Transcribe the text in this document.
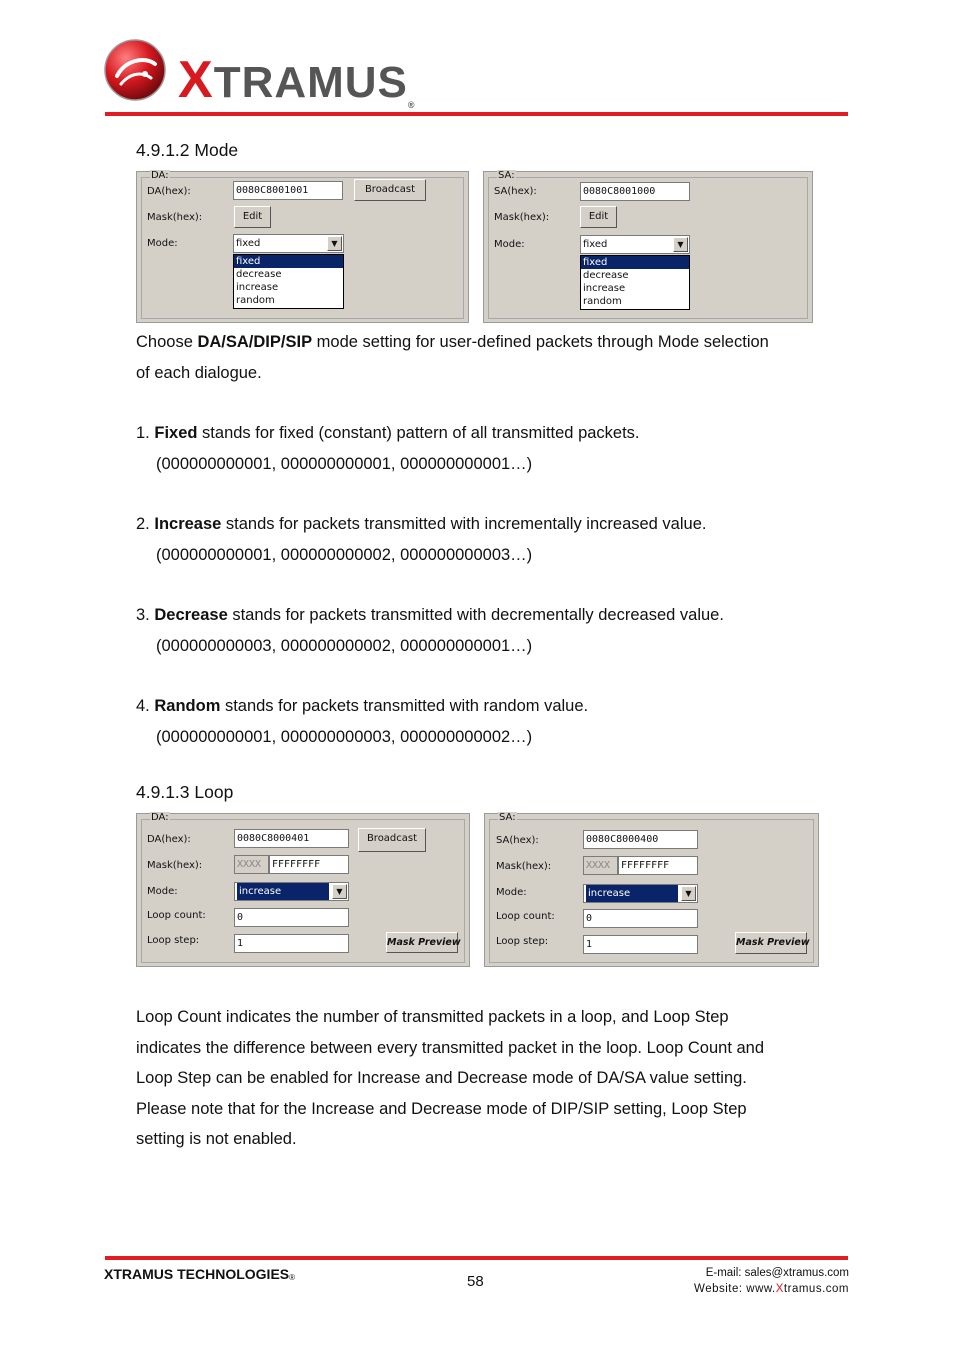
XTRAMUS®
4.9.1.2 Mode
DA:
DA(hex):	0080C8001001	Broadcast
Mask(hex):	Edit
Mode:	fixed	▼
fixed
decrease
increase
random
SA:
SA(hex):	0080C8001000
Mask(hex):	Edit
Mode:	fixed	▼
fixed
decrease
increase
random
Choose DA/SA/DIP/SIP mode setting for user-defined packets through Mode selection
of each dialogue.
1. Fixed stands for fixed (constant) pattern of all transmitted packets.
(000000000001, 000000000001, 000000000001…)
2. Increase stands for packets transmitted with incrementally increased value.
(000000000001, 000000000002, 000000000003…)
3. Decrease stands for packets transmitted with decrementally decreased value.
(000000000003, 000000000002, 000000000001…)
4. Random stands for packets transmitted with random value.
(000000000001, 000000000003, 000000000002…)
4.9.1.3 Loop
DA:
DA(hex):	0080C8000401	Broadcast
Mask(hex):	XXXX	FFFFFFFF
Mode:	increase	▼
Loop count:	0
Loop step:	1	Mask Preview
SA:
SA(hex):	0080C8000400
Mask(hex):	XXXX	FFFFFFFF
Mode:	increase	▼
Loop count:	0
Loop step:	1	Mask Preview
Loop Count indicates the number of transmitted packets in a loop, and Loop Step
indicates the difference between every transmitted packet in the loop. Loop Count and
Loop Step can be enabled for Increase and Decrease mode of DA/SA value setting.
Please note that for the Increase and Decrease mode of DIP/SIP setting, Loop Step
setting is not enabled.
XTRAMUS TECHNOLOGIES®	58	E-mail: sales@xtramus.com
Website: www.Xtramus.com
